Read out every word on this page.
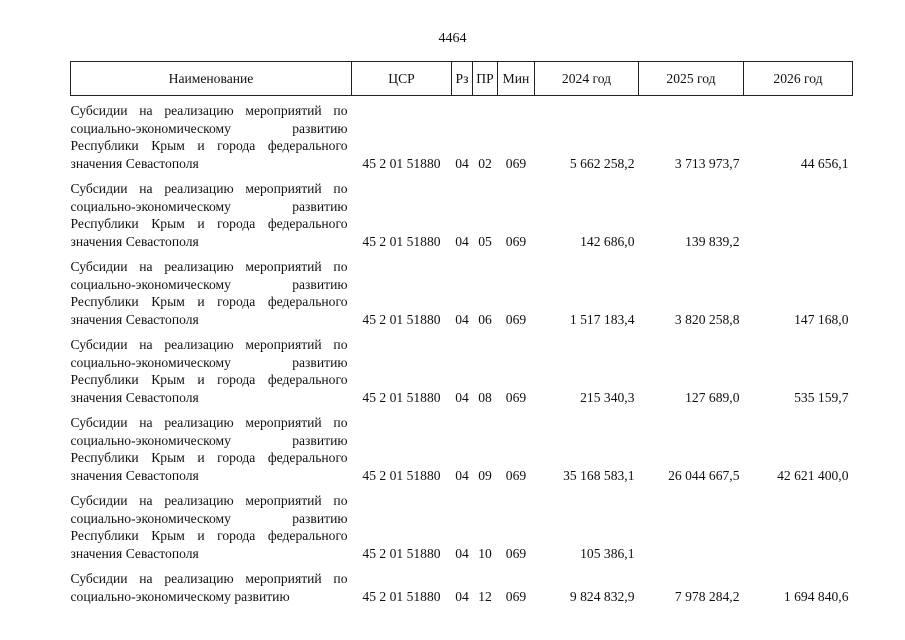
4464
Наименование	ЦСР	Рз	ПР	Мин	2024 год	2025 год	2026 год
Субсидии на реализацию мероприятий по социально-экономическому развитию Республики Крым и города федерального значения Севастополя	45 2 01 51880	04	02	069	5 662 258,2	3 713 973,7	44 656,1
Субсидии на реализацию мероприятий по социально-экономическому развитию Республики Крым и города федерального значения Севастополя	45 2 01 51880	04	05	069	142 686,0	139 839,2	
Субсидии на реализацию мероприятий по социально-экономическому развитию Республики Крым и города федерального значения Севастополя	45 2 01 51880	04	06	069	1 517 183,4	3 820 258,8	147 168,0
Субсидии на реализацию мероприятий по социально-экономическому развитию Республики Крым и города федерального значения Севастополя	45 2 01 51880	04	08	069	215 340,3	127 689,0	535 159,7
Субсидии на реализацию мероприятий по социально-экономическому развитию Республики Крым и города федерального значения Севастополя	45 2 01 51880	04	09	069	35 168 583,1	26 044 667,5	42 621 400,0
Субсидии на реализацию мероприятий по социально-экономическому развитию Республики Крым и города федерального значения Севастополя	45 2 01 51880	04	10	069	105 386,1		
Субсидии на реализацию мероприятий по социально-экономическому развитию	45 2 01 51880	04	12	069	9 824 832,9	7 978 284,2	1 694 840,6
